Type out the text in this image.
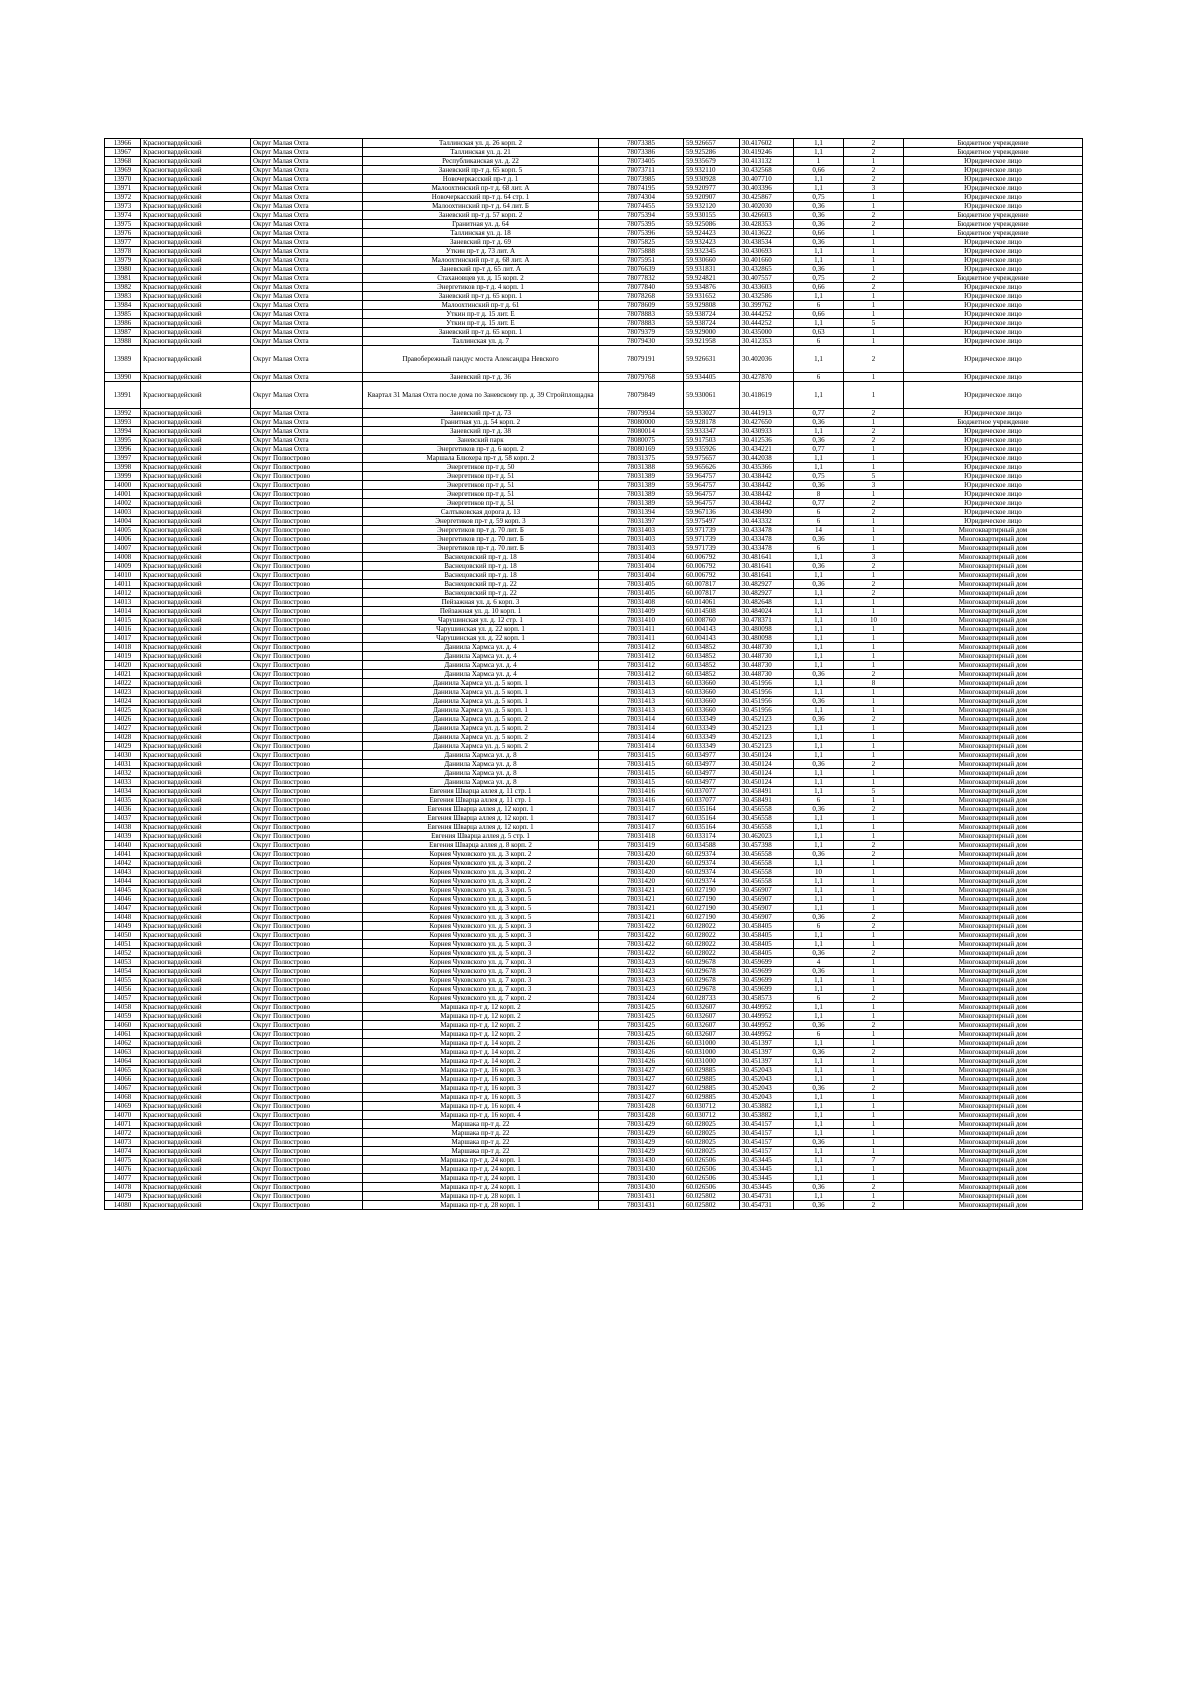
13966	Красногвардейский	Округ Малая Охта	Таллинская ул. д. 26 корп. 2	78073385	59.926657	30.417602	1,1	2	Бюджетное учреждение
13967	Красногвардейский	Округ Малая Охта	Таллинская ул. д. 21	78073386	59.925286	30.419246	1,1	2	Бюджетное учреждение
13968	Красногвардейский	Округ Малая Охта	Республиканская ул. д. 22	78073405	59.935679	30.413132	1	1	Юридическое лицо
13969	Красногвардейский	Округ Малая Охта	Заневский пр-т д. 65 корп. 5	78073711	59.932110	30.432568	0,66	2	Юридическое лицо
13970	Красногвардейский	Округ Малая Охта	Новочеркасский пр-т д. 1	78073985	59.930928	30.407710	1,1	2	Юридическое лицо
13971	Красногвардейский	Округ Малая Охта	Малоохтинский пр-т д. 68 лит. А	78074195	59.920977	30.403396	1,1	3	Юридическое лицо
13972	Красногвардейский	Округ Малая Охта	Новочеркасский пр-т д. 64 стр. 1	78074304	59.920907	30.425867	0,75	1	Юридическое лицо
13973	Красногвардейский	Округ Малая Охта	Малоохтинский пр-т д. 64 лит. Б	78074455	59.932120	30.402030	0,36	1	Юридическое лицо
13974	Красногвардейский	Округ Малая Охта	Заневский пр-т д. 57 корп. 2	78075394	59.930155	30.426603	0,36	2	Бюджетное учреждение
13975	Красногвардейский	Округ Малая Охта	Гранитная ул. д. 64	78075395	59.925086	30.428353	0,36	2	Бюджетное учреждение
13976	Красногвардейский	Округ Малая Охта	Таллинская ул. д. 18	78075396	59.924423	30.413622	0,66	1	Бюджетное учреждение
13977	Красногвардейский	Округ Малая Охта	Заневский пр-т д. 69	78075825	59.932423	30.438534	0,36	1	Юридическое лицо
13978	Красногвардейский	Округ Малая Охта	Уткин пр-т д. 73 лит. А	78075888	59.932345	30.430693	1,1	1	Юридическое лицо
13979	Красногвардейский	Округ Малая Охта	Малоохтинский пр-т д. 68 лит. А	78075951	59.930660	30.401660	1,1	1	Юридическое лицо
13980	Красногвардейский	Округ Малая Охта	Заневский пр-т д. 65 лит. А	78076639	59.931831	30.432865	0,36	1	Юридическое лицо
13981	Красногвардейский	Округ Малая Охта	Стахановцев ул. д. 15 корп. 2	78077832	59.924821	30.407557	0,75	2	Бюджетное учреждение
13982	Красногвардейский	Округ Малая Охта	Энергетиков пр-т д. 4 корп. 1	78077840	59.934876	30.433603	0,66	2	Юридическое лицо
13983	Красногвардейский	Округ Малая Охта	Заневский пр-т д. 65 корп. 1	78078268	59.931652	30.432586	1,1	1	Юридическое лицо
13984	Красногвардейский	Округ Малая Охта	Малоохтинский пр-т д. 61	78078609	59.929808	30.399762	6	1	Юридическое лицо
13985	Красногвардейский	Округ Малая Охта	Уткин пр-т д. 15 лит. Е	78078883	59.938724	30.444252	0,66	1	Юридическое лицо
13986	Красногвардейский	Округ Малая Охта	Уткин пр-т д. 15 лит. Е	78078883	59.938724	30.444252	1,1	5	Юридическое лицо
13987	Красногвардейский	Округ Малая Охта	Заневский пр-т д. 65 корп. 1	78079379	59.929000	30.435000	0,63	1	Юридическое лицо
13988	Красногвардейский	Округ Малая Охта	Таллинская ул. д. 7	78079430	59.921958	30.412353	6	1	Юридическое лицо
13989	Красногвардейский	Округ Малая Охта	Правобережный пандус моста Александра Невского	78079191	59.926631	30.402036	1,1	2	Юридическое лицо
13990	Красногвардейский	Округ Малая Охта	Заневский пр-т д. 36	78079768	59.934405	30.427870	6	1	Юридическое лицо
13991	Красногвардейский	Округ Малая Охта	Квартал 31 Малая Охта после дома по Заневскому пр. д. 39 Стройплощадка	78079849	59.930061	30.418619	1,1	1	Юридическое лицо
13992	Красногвардейский	Округ Малая Охта	Заневский пр-т д. 73	78079934	59.933027	30.441913	0,77	2	Юридическое лицо
13993	Красногвардейский	Округ Малая Охта	Гранитная ул. д. 54 корп. 2	78080000	59.928178	30.427650	0,36	1	Бюджетное учреждение
13994	Красногвардейский	Округ Малая Охта	Заневский пр-т д. 38	78080014	59.933347	30.430933	1,1	2	Юридическое лицо
13995	Красногвардейский	Округ Малая Охта	Заневский парк	78080075	59.917503	30.412536	0,36	2	Юридическое лицо
13996	Красногвардейский	Округ Малая Охта	Энергетиков пр-т д. 6 корп. 2	78080169	59.935926	30.434221	0,77	1	Юридическое лицо
13997	Красногвардейский	Округ Полюстрово	Маршала Блюхера пр-т д. 58 корп. 2	78031375	59.975657	30.442038	1,1	1	Юридическое лицо
13998	Красногвардейский	Округ Полюстрово	Энергетиков пр-т д. 50	78031388	59.965626	30.435366	1,1	1	Юридическое лицо
13999	Красногвардейский	Округ Полюстрово	Энергетиков пр-т д. 51	78031389	59.964757	30.438442	0,75	5	Юридическое лицо
14000	Красногвардейский	Округ Полюстрово	Энергетиков пр-т д. 51	78031389	59.964757	30.438442	0,36	3	Юридическое лицо
14001	Красногвардейский	Округ Полюстрово	Энергетиков пр-т д. 51	78031389	59.964757	30.438442	8	1	Юридическое лицо
14002	Красногвардейский	Округ Полюстрово	Энергетиков пр-т д. 51	78031389	59.964757	30.438442	0,77	2	Юридическое лицо
14003	Красногвардейский	Округ Полюстрово	Салтыковская дорога д. 13	78031394	59.967136	30.438490	6	2	Юридическое лицо
14004	Красногвардейский	Округ Полюстрово	Энергетиков пр-т д. 59 корп. 3	78031397	59.975497	30.443332	6	1	Юридическое лицо
14005	Красногвардейский	Округ Полюстрово	Энергетиков пр-т д. 70 лит. Б	78031403	59.971739	30.433478	14	1	Многоквартирный дом
14006	Красногвардейский	Округ Полюстрово	Энергетиков пр-т д. 70 лит. Б	78031403	59.971739	30.433478	0,36	1	Многоквартирный дом
14007	Красногвардейский	Округ Полюстрово	Энергетиков пр-т д. 70 лит. Б	78031403	59.971739	30.433478	6	1	Многоквартирный дом
14008	Красногвардейский	Округ Полюстрово	Васнецовский пр-т д. 18	78031404	60.006792	30.481641	1,1	3	Многоквартирный дом
14009	Красногвардейский	Округ Полюстрово	Васнецовский пр-т д. 18	78031404	60.006792	30.481641	0,36	2	Многоквартирный дом
14010	Красногвардейский	Округ Полюстрово	Васнецовский пр-т д. 18	78031404	60.006792	30.481641	1,1	1	Многоквартирный дом
14011	Красногвардейский	Округ Полюстрово	Васнецовский пр-т д. 22	78031405	60.007817	30.482927	0,36	2	Многоквартирный дом
14012	Красногвардейский	Округ Полюстрово	Васнецовский пр-т д. 22	78031405	60.007817	30.482927	1,1	2	Многоквартирный дом
14013	Красногвардейский	Округ Полюстрово	Пейзажная ул. д. 6 корп. 3	78031408	60.014061	30.482648	1,1	1	Многоквартирный дом
14014	Красногвардейский	Округ Полюстрово	Пейзажная ул. д. 10 корп. 1	78031409	60.014508	30.484024	1,1	1	Многоквартирный дом
14015	Красногвардейский	Округ Полюстрово	Чарушинская ул. д. 12 стр. 1	78031410	60.008760	30.478371	1,1	10	Многоквартирный дом
14016	Красногвардейский	Округ Полюстрово	Чарушинская ул. д. 22 корп. 1	78031411	60.004143	30.480098	1,1	1	Многоквартирный дом
14017	Красногвардейский	Округ Полюстрово	Чарушинская ул. д. 22 корп. 1	78031411	60.004143	30.480098	1,1	1	Многоквартирный дом
14018	Красногвардейский	Округ Полюстрово	Даниила Хармса ул. д. 4	78031412	60.034852	30.448730	1,1	1	Многоквартирный дом
14019	Красногвардейский	Округ Полюстрово	Даниила Хармса ул. д. 4	78031412	60.034852	30.448730	1,1	1	Многоквартирный дом
14020	Красногвардейский	Округ Полюстрово	Даниила Хармса ул. д. 4	78031412	60.034852	30.448730	1,1	1	Многоквартирный дом
14021	Красногвардейский	Округ Полюстрово	Даниила Хармса ул. д. 4	78031412	60.034852	30.448730	0,36	2	Многоквартирный дом
14022	Красногвардейский	Округ Полюстрово	Даниила Хармса ул. д. 5 корп. 1	78031413	60.033660	30.451956	1,1	8	Многоквартирный дом
14023	Красногвардейский	Округ Полюстрово	Даниила Хармса ул. д. 5 корп. 1	78031413	60.033660	30.451956	1,1	1	Многоквартирный дом
14024	Красногвардейский	Округ Полюстрово	Даниила Хармса ул. д. 5 корп. 1	78031413	60.033660	30.451956	0,36	1	Многоквартирный дом
14025	Красногвардейский	Округ Полюстрово	Даниила Хармса ул. д. 5 корп. 1	78031413	60.033660	30.451956	1,1	1	Многоквартирный дом
14026	Красногвардейский	Округ Полюстрово	Даниила Хармса ул. д. 5 корп. 2	78031414	60.033349	30.452123	0,36	2	Многоквартирный дом
14027	Красногвардейский	Округ Полюстрово	Даниила Хармса ул. д. 5 корп. 2	78031414	60.033349	30.452123	1,1	1	Многоквартирный дом
14028	Красногвардейский	Округ Полюстрово	Даниила Хармса ул. д. 5 корп. 2	78031414	60.033349	30.452123	1,1	1	Многоквартирный дом
14029	Красногвардейский	Округ Полюстрово	Даниила Хармса ул. д. 5 корп. 2	78031414	60.033349	30.452123	1,1	1	Многоквартирный дом
14030	Красногвардейский	Округ Полюстрово	Даниила Хармса ул. д. 8	78031415	60.034977	30.450124	1,1	1	Многоквартирный дом
14031	Красногвардейский	Округ Полюстрово	Даниила Хармса ул. д. 8	78031415	60.034977	30.450124	0,36	2	Многоквартирный дом
14032	Красногвардейский	Округ Полюстрово	Даниила Хармса ул. д. 8	78031415	60.034977	30.450124	1,1	1	Многоквартирный дом
14033	Красногвардейский	Округ Полюстрово	Даниила Хармса ул. д. 8	78031415	60.034977	30.450124	1,1	1	Многоквартирный дом
14034	Красногвардейский	Округ Полюстрово	Евгения Шварца аллея д. 11 стр. 1	78031416	60.037077	30.458491	1,1	5	Многоквартирный дом
14035	Красногвардейский	Округ Полюстрово	Евгения Шварца аллея д. 11 стр. 1	78031416	60.037077	30.458491	6	1	Многоквартирный дом
14036	Красногвардейский	Округ Полюстрово	Евгения Шварца аллея д. 12 корп. 1	78031417	60.035164	30.456558	0,36	2	Многоквартирный дом
14037	Красногвардейский	Округ Полюстрово	Евгения Шварца аллея д. 12 корп. 1	78031417	60.035164	30.456558	1,1	1	Многоквартирный дом
14038	Красногвардейский	Округ Полюстрово	Евгения Шварца аллея д. 12 корп. 1	78031417	60.035164	30.456558	1,1	1	Многоквартирный дом
14039	Красногвардейский	Округ Полюстрово	Евгения Шварца аллея д. 5 стр. 1	78031418	60.033174	30.462023	1,1	1	Многоквартирный дом
14040	Красногвардейский	Округ Полюстрово	Евгения Шварца аллея д. 8 корп. 2	78031419	60.034588	30.457398	1,1	2	Многоквартирный дом
14041	Красногвардейский	Округ Полюстрово	Корнея Чуковского ул. д. 3 корп. 2	78031420	60.029374	30.456558	0,36	2	Многоквартирный дом
14042	Красногвардейский	Округ Полюстрово	Корнея Чуковского ул. д. 3 корп. 2	78031420	60.029374	30.456558	1,1	1	Многоквартирный дом
14043	Красногвардейский	Округ Полюстрово	Корнея Чуковского ул. д. 3 корп. 2	78031420	60.029374	30.456558	10	1	Многоквартирный дом
14044	Красногвардейский	Округ Полюстрово	Корнея Чуковского ул. д. 3 корп. 2	78031420	60.029374	30.456558	1,1	1	Многоквартирный дом
14045	Красногвардейский	Округ Полюстрово	Корнея Чуковского ул. д. 3 корп. 5	78031421	60.027190	30.456907	1,1	1	Многоквартирный дом
14046	Красногвардейский	Округ Полюстрово	Корнея Чуковского ул. д. 3 корп. 5	78031421	60.027190	30.456907	1,1	1	Многоквартирный дом
14047	Красногвардейский	Округ Полюстрово	Корнея Чуковского ул. д. 3 корп. 5	78031421	60.027190	30.456907	1,1	1	Многоквартирный дом
14048	Красногвардейский	Округ Полюстрово	Корнея Чуковского ул. д. 3 корп. 5	78031421	60.027190	30.456907	0,36	2	Многоквартирный дом
14049	Красногвардейский	Округ Полюстрово	Корнея Чуковского ул. д. 5 корп. 3	78031422	60.028022	30.458405	6	2	Многоквартирный дом
14050	Красногвардейский	Округ Полюстрово	Корнея Чуковского ул. д. 5 корп. 3	78031422	60.028022	30.458405	1,1	1	Многоквартирный дом
14051	Красногвардейский	Округ Полюстрово	Корнея Чуковского ул. д. 5 корп. 3	78031422	60.028022	30.458405	1,1	1	Многоквартирный дом
14052	Красногвардейский	Округ Полюстрово	Корнея Чуковского ул. д. 5 корп. 3	78031422	60.028022	30.458405	0,36	2	Многоквартирный дом
14053	Красногвардейский	Округ Полюстрово	Корнея Чуковского ул. д. 7 корп. 3	78031423	60.029678	30.459699	4	1	Многоквартирный дом
14054	Красногвардейский	Округ Полюстрово	Корнея Чуковского ул. д. 7 корп. 3	78031423	60.029678	30.459699	0,36	1	Многоквартирный дом
14055	Красногвардейский	Округ Полюстрово	Корнея Чуковского ул. д. 7 корп. 3	78031423	60.029678	30.459699	1,1	1	Многоквартирный дом
14056	Красногвардейский	Округ Полюстрово	Корнея Чуковского ул. д. 7 корп. 3	78031423	60.029678	30.459699	1,1	1	Многоквартирный дом
14057	Красногвардейский	Округ Полюстрово	Корнея Чуковского ул. д. 7 корп. 2	78031424	60.028733	30.458573	6	2	Многоквартирный дом
14058	Красногвардейский	Округ Полюстрово	Маршака пр-т д. 12 корп. 2	78031425	60.032607	30.449952	1,1	1	Многоквартирный дом
14059	Красногвардейский	Округ Полюстрово	Маршака пр-т д. 12 корп. 2	78031425	60.032607	30.449952	1,1	1	Многоквартирный дом
14060	Красногвардейский	Округ Полюстрово	Маршака пр-т д. 12 корп. 2	78031425	60.032607	30.449952	0,36	2	Многоквартирный дом
14061	Красногвардейский	Округ Полюстрово	Маршака пр-т д. 12 корп. 2	78031425	60.032607	30.449952	6	1	Многоквартирный дом
14062	Красногвардейский	Округ Полюстрово	Маршака пр-т д. 14 корп. 2	78031426	60.031000	30.451397	1,1	1	Многоквартирный дом
14063	Красногвардейский	Округ Полюстрово	Маршака пр-т д. 14 корп. 2	78031426	60.031000	30.451397	0,36	2	Многоквартирный дом
14064	Красногвардейский	Округ Полюстрово	Маршака пр-т д. 14 корп. 2	78031426	60.031000	30.451397	1,1	1	Многоквартирный дом
14065	Красногвардейский	Округ Полюстрово	Маршака пр-т д. 16 корп. 3	78031427	60.029885	30.452043	1,1	1	Многоквартирный дом
14066	Красногвардейский	Округ Полюстрово	Маршака пр-т д. 16 корп. 3	78031427	60.029885	30.452043	1,1	1	Многоквартирный дом
14067	Красногвардейский	Округ Полюстрово	Маршака пр-т д. 16 корп. 3	78031427	60.029885	30.452043	0,36	2	Многоквартирный дом
14068	Красногвардейский	Округ Полюстрово	Маршака пр-т д. 16 корп. 3	78031427	60.029885	30.452043	1,1	1	Многоквартирный дом
14069	Красногвардейский	Округ Полюстрово	Маршака пр-т д. 16 корп. 4	78031428	60.030712	30.453882	1,1	1	Многоквартирный дом
14070	Красногвардейский	Округ Полюстрово	Маршака пр-т д. 16 корп. 4	78031428	60.030712	30.453882	1,1	1	Многоквартирный дом
14071	Красногвардейский	Округ Полюстрово	Маршака пр-т д. 22	78031429	60.028025	30.454157	1,1	1	Многоквартирный дом
14072	Красногвардейский	Округ Полюстрово	Маршака пр-т д. 22	78031429	60.028025	30.454157	1,1	1	Многоквартирный дом
14073	Красногвардейский	Округ Полюстрово	Маршака пр-т д. 22	78031429	60.028025	30.454157	0,36	1	Многоквартирный дом
14074	Красногвардейский	Округ Полюстрово	Маршака пр-т д. 22	78031429	60.028025	30.454157	1,1	1	Многоквартирный дом
14075	Красногвардейский	Округ Полюстрово	Маршака пр-т д. 24 корп. 1	78031430	60.026506	30.453445	1,1	7	Многоквартирный дом
14076	Красногвардейский	Округ Полюстрово	Маршака пр-т д. 24 корп. 1	78031430	60.026506	30.453445	1,1	1	Многоквартирный дом
14077	Красногвардейский	Округ Полюстрово	Маршака пр-т д. 24 корп. 1	78031430	60.026506	30.453445	1,1	1	Многоквартирный дом
14078	Красногвардейский	Округ Полюстрово	Маршака пр-т д. 24 корп. 1	78031430	60.026506	30.453445	0,36	2	Многоквартирный дом
14079	Красногвардейский	Округ Полюстрово	Маршака пр-т д. 28 корп. 1	78031431	60.025802	30.454731	1,1	1	Многоквартирный дом
14080	Красногвардейский	Округ Полюстрово	Маршака пр-т д. 28 корп. 1	78031431	60.025802	30.454731	0,36	2	Многоквартирный дом
